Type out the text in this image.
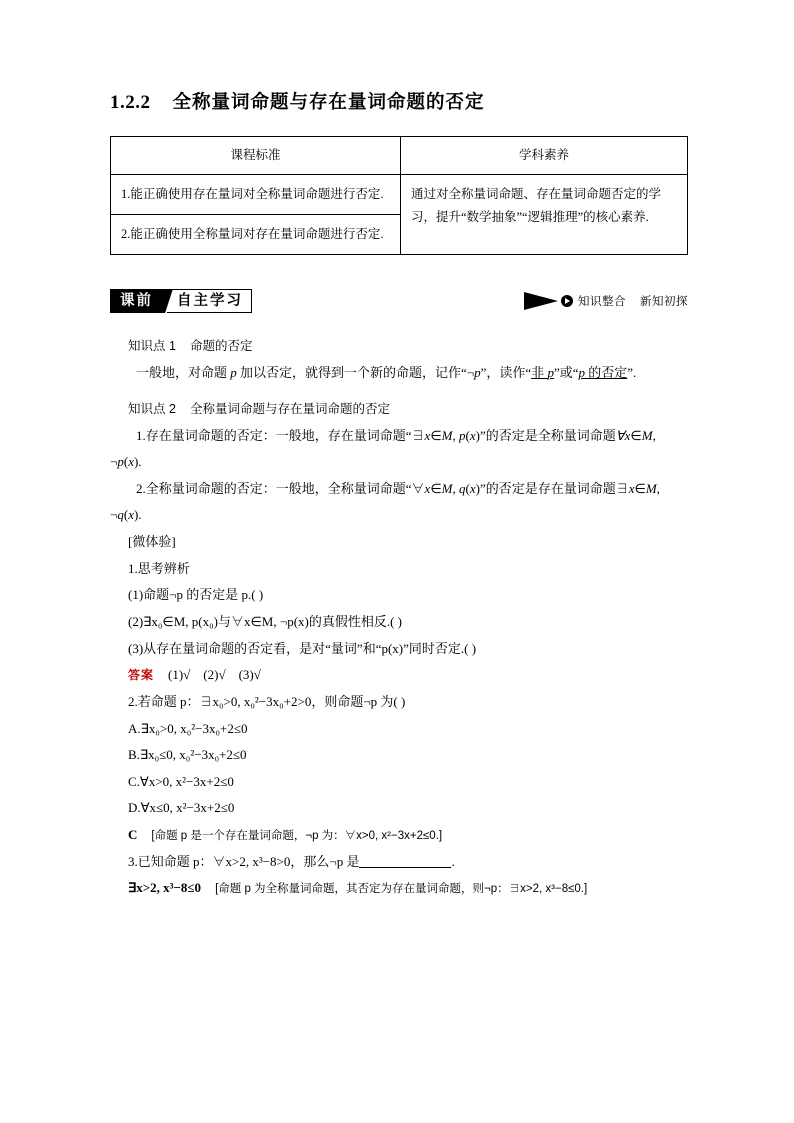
1.2.2 全称量词命题与存在量词命题的否定
课程标准	学科素养
1.能正确使用存在量词对全称量词命题进行否定.	通过对全称量词命题、存在量词命题否定的学习，提升“数学抽象”“逻辑推理”的核心素养.
2.能正确使用全称量词对存在量词命题进行否定.	
课前	自主学习	知识整合 新知初探
知识点 1 命题的否定

一般地，对命题 p 加以否定，就得到一个新的命题，记作“¬p”，读作“非 p”或“p 的否定”.

知识点 2 全称量词命题与存在量词命题的否定

1.存在量词命题的否定：一般地，存在量词命题“∃x∈M, p(x)”的否定是全称量词命题∀x∈M, ¬p(x).

2.全称量词命题的否定：一般地，全称量词命题“∀x∈M, q(x)”的否定是存在量词命题∃x∈M, ¬q(x).

[微体验]

1.思考辨析

(1)命题¬p 的否定是 p.( )

(2)∃x₀∈M, p(x₀)与∀x∈M, ¬p(x)的真假性相反.( )

(3)从存在量词命题的否定看，是对“量词”和“p(x)”同时否定.( )

答案 (1)√　(2)√　(3)√

2.若命题 p：∃x₀>0, x₀²−3x₀+2>0，则命题¬p 为( )

A.∃x₀>0, x₀²−3x₀+2≤0

B.∃x₀≤0, x₀²−3x₀+2≤0

C.∀x>0, x²−3x+2≤0

D.∀x≤0, x²−3x+2≤0

C [命题 p 是一个存在量词命题，¬p 为：∀x>0, x²−3x+2≤0.]

3.已知命题 p：∀x>2, x³−8>0，那么¬p 是	.

∃x>2, x³−8≤0 [命题 p 为全称量词命题，其否定为存在量词命题，则¬p：∃x>2, x³−8≤0.]
